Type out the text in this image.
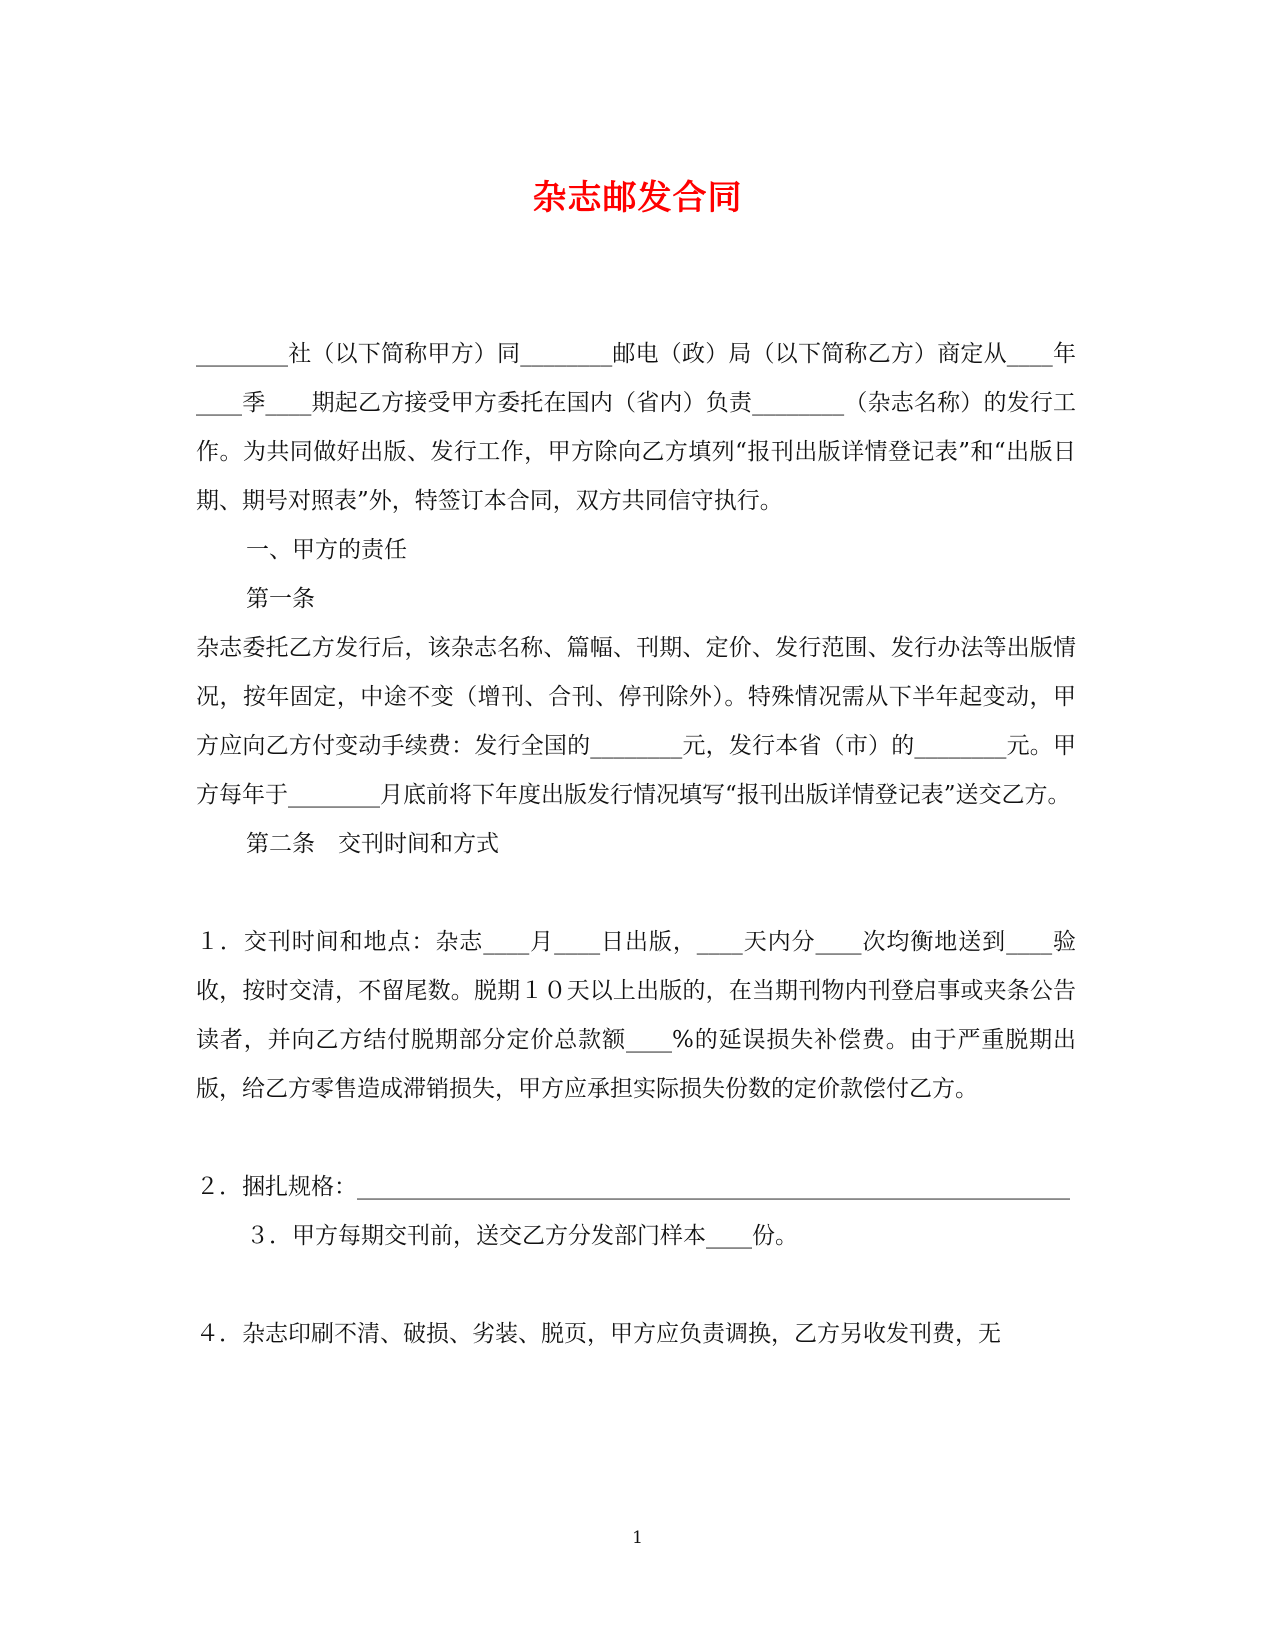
杂志邮发合同

________社（以下简称甲方）同________邮电（政）局（以下简称乙方）商定从____年____季____期起乙方接受甲方委托在国内（省内）负责________（杂志名称）的发行工作。为共同做好出版、发行工作，甲方除向乙方填列“报刊出版详情登记表”和“出版日期、期号对照表”外，特签订本合同，双方共同信守执行。

一、甲方的责任

第一条

杂志委托乙方发行后，该杂志名称、篇幅、刊期、定价、发行范围、发行办法等出版情况，按年固定，中途不变（增刊、合刊、停刊除外）。特殊情况需从下半年起变动，甲方应向乙方付变动手续费：发行全国的________元，发行本省（市）的________元。甲方每年于________月底前将下年度出版发行情况填写“报刊出版详情登记表”送交乙方。

第二条　交刊时间和方式

１．交刊时间和地点：杂志____月____日出版，____天内分____次均衡地送到____验收，按时交清，不留尾数。脱期１０天以上出版的，在当期刊物内刊登启事或夹条公告读者，并向乙方结付脱期部分定价总款额____%的延误损失补偿费。由于严重脱期出版，给乙方零售造成滞销损失，甲方应承担实际损失份数的定价款偿付乙方。

２．捆扎规格：______________________________________________________________

３．甲方每期交刊前，送交乙方分发部门样本____份。

４．杂志印刷不清、破损、劣装、脱页，甲方应负责调换，乙方另收发刊费，无

1
